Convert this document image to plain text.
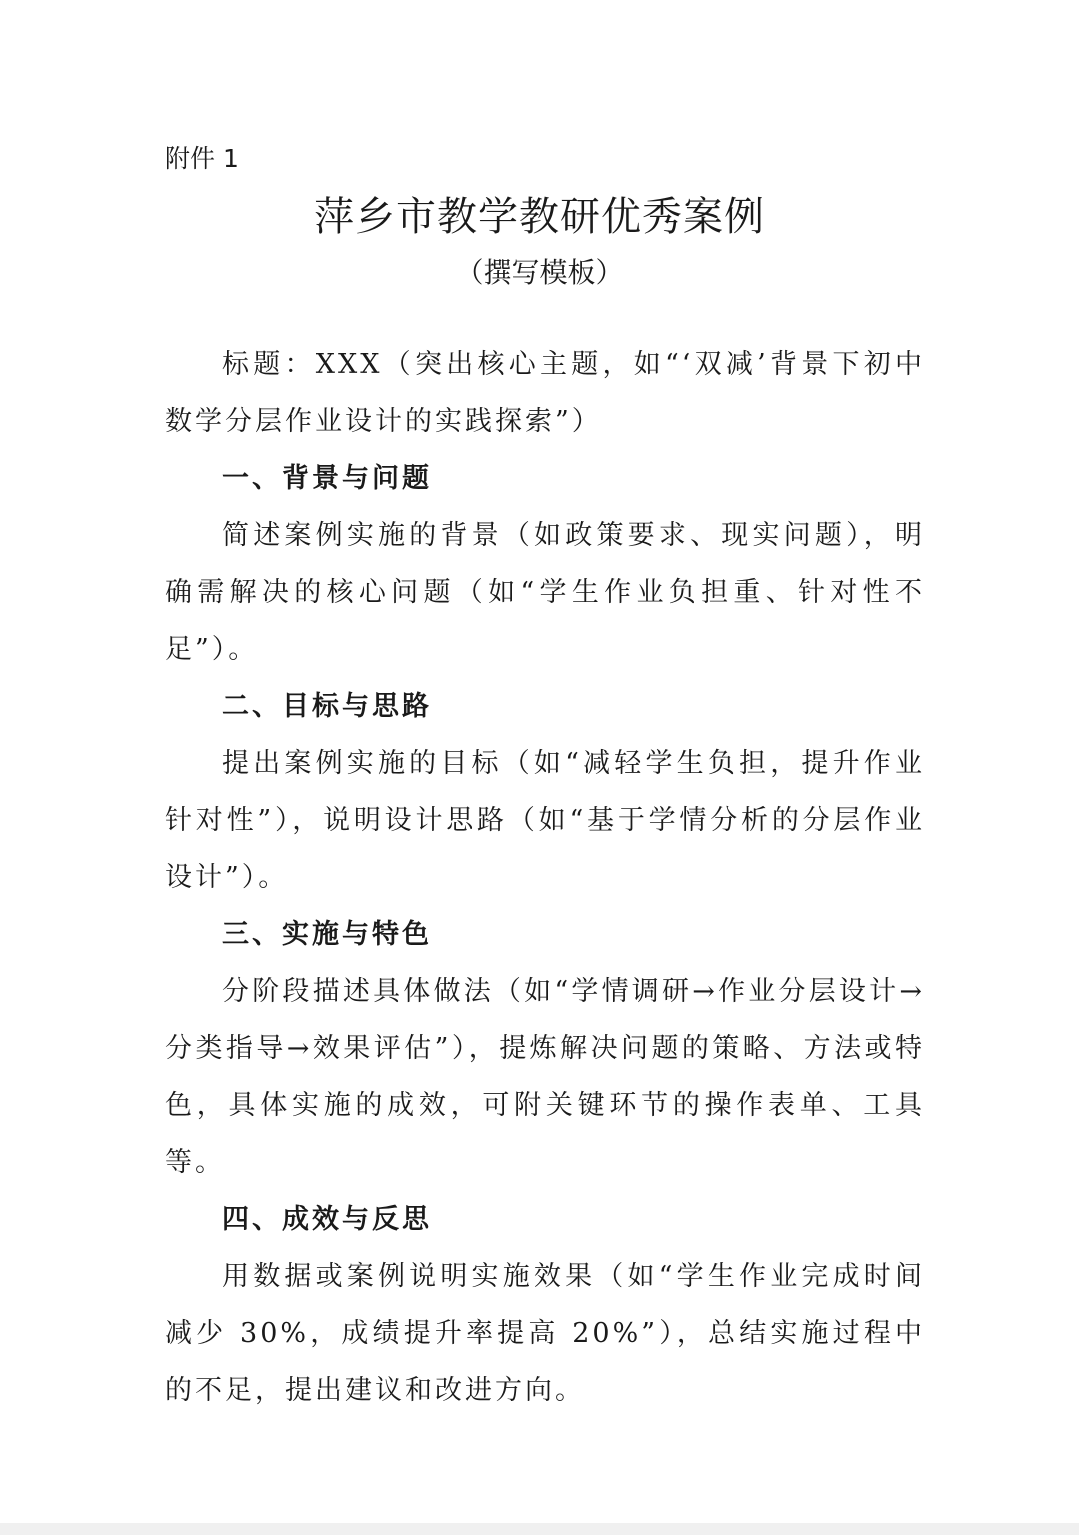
附件 1
萍乡市教学教研优秀案例
（撰写模板）

标题：XXX（突出核心主题，如“‘双减’背景下初中数学分层作业设计的实践探索”）

一、背景与问题

简述案例实施的背景（如政策要求、现实问题），明确需解决的核心问题（如“学生作业负担重、针对性不足”）。

二、目标与思路

提出案例实施的目标（如“减轻学生负担，提升作业针对性”），说明设计思路（如“基于学情分析的分层作业设计”）。

三、实施与特色

分阶段描述具体做法（如“学情调研→作业分层设计→分类指导→效果评估”），提炼解决问题的策略、方法或特色，具体实施的成效，可附关键环节的操作表单、工具等。

四、成效与反思

用数据或案例说明实施效果（如“学生作业完成时间减少 30%，成绩提升率提高 20%”），总结实施过程中的不足，提出建议和改进方向。
